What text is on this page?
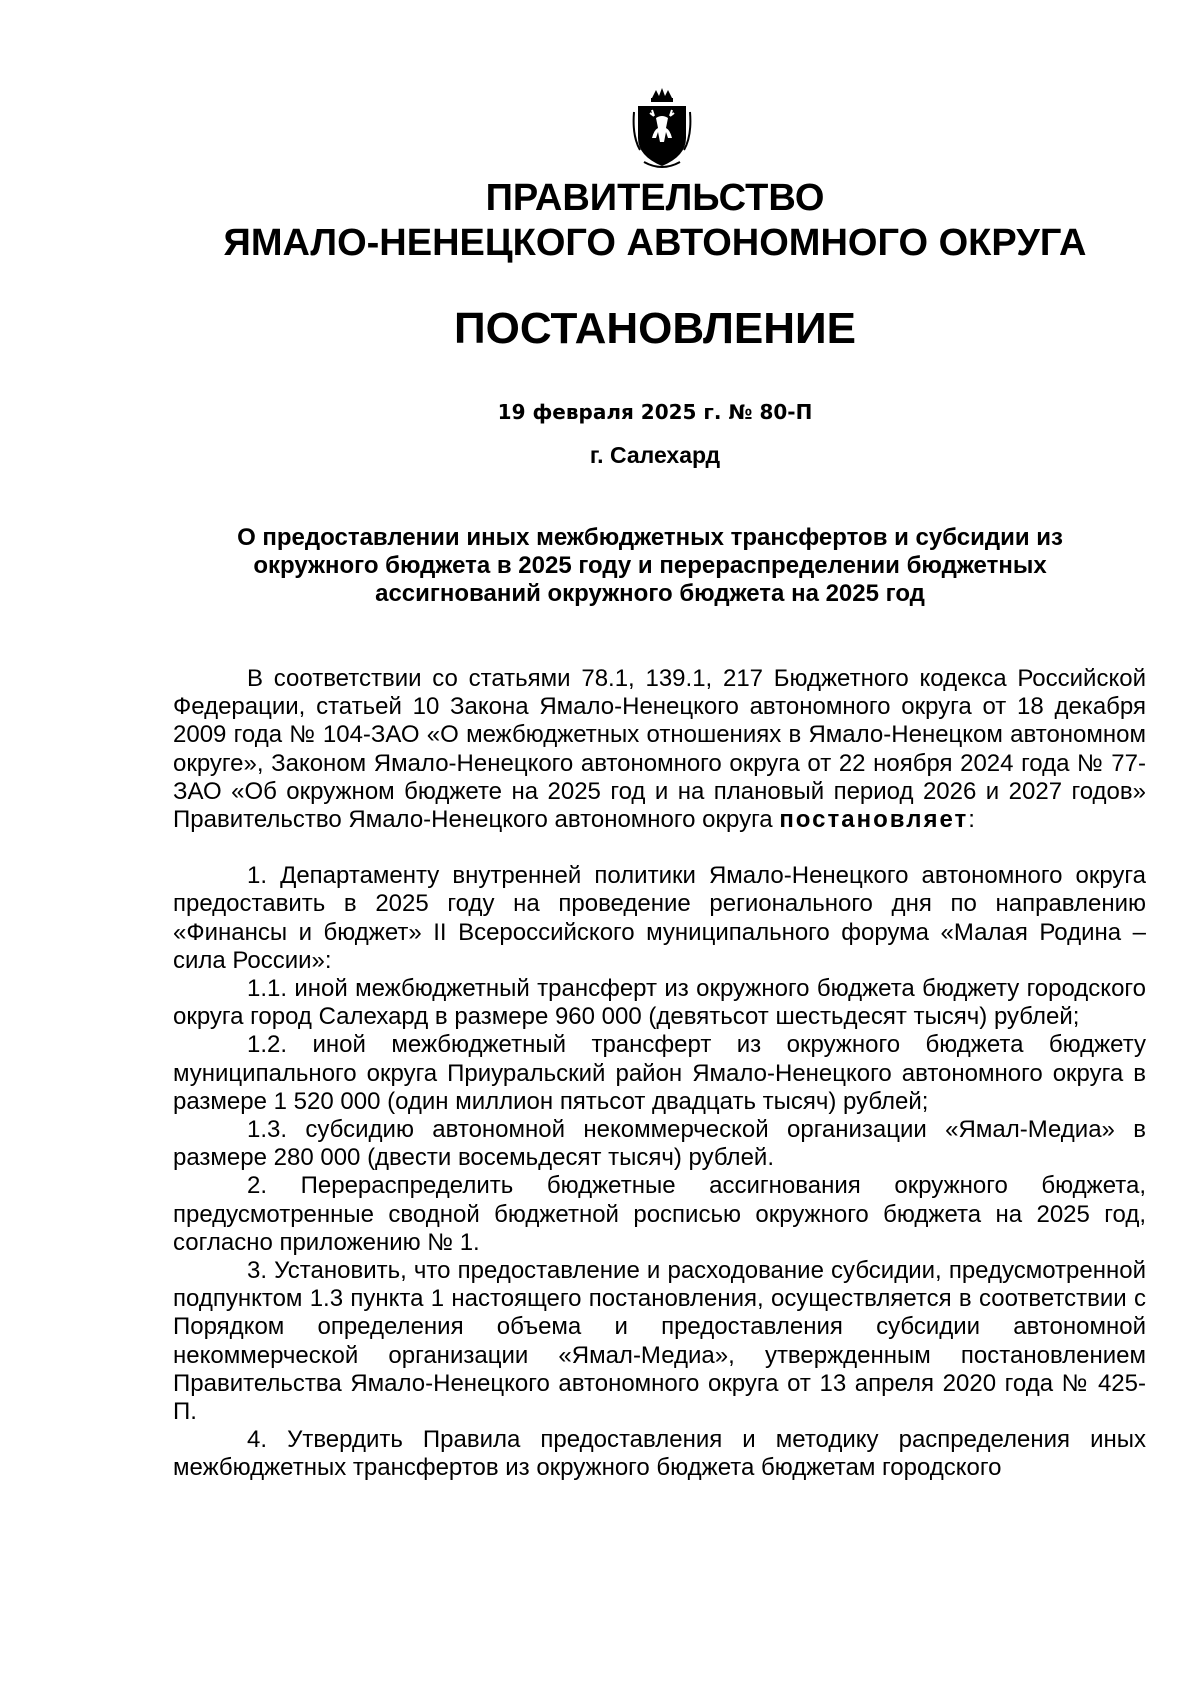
ПРАВИТЕЛЬСТВО
ЯМАЛО-НЕНЕЦКОГО АВТОНОМНОГО ОКРУГА
ПОСТАНОВЛЕНИЕ
19 февраля 2025 г. № 80-П
г. Салехард
О предоставлении иных межбюджетных трансфертов и субсидии из
окружного бюджета в 2025 году и перераспределении бюджетных
ассигнований окружного бюджета на 2025 год

В соответствии со статьями 78.1, 139.1, 217 Бюджетного кодекса Российской Федерации, статьей 10 Закона Ямало-Ненецкого автономного округа от 18 декабря 2009 года № 104-ЗАО «О межбюджетных отношениях в Ямало-Ненецком автономном округе», Законом Ямало-Ненецкого автономного округа от 22 ноября 2024 года № 77-ЗАО «Об окружном бюджете на 2025 год и на плановый период 2026 и 2027 годов» Правительство Ямало-Ненецкого автономного округа постановляет:

1. Департаменту внутренней политики Ямало-Ненецкого автономного округа предоставить в 2025 году на проведение регионального дня по направлению «Финансы и бюджет» II Всероссийского муниципального форума «Малая Родина – сила России»:

1.1. иной межбюджетный трансферт из окружного бюджета бюджету городского округа город Салехард в размере 960 000 (девятьсот шестьдесят тысяч) рублей;

1.2. иной межбюджетный трансферт из окружного бюджета бюджету муниципального округа Приуральский район Ямало-Ненецкого автономного округа в размере 1 520 000 (один миллион пятьсот двадцать тысяч) рублей;

1.3. субсидию автономной некоммерческой организации «Ямал-Медиа» в размере 280 000 (двести восемьдесят тысяч) рублей.

2. Перераспределить бюджетные ассигнования окружного бюджета, предусмотренные сводной бюджетной росписью окружного бюджета на 2025 год, согласно приложению № 1.

3. Установить, что предоставление и расходование субсидии, предусмотренной подпунктом 1.3 пункта 1 настоящего постановления, осуществляется в соответствии с Порядком определения объема и предоставления субсидии автономной некоммерческой организации «Ямал-Медиа», утвержденным постановлением Правительства Ямало-Ненецкого автономного округа от 13 апреля 2020 года № 425-П.

4. Утвердить Правила предоставления и методику распределения иных межбюджетных трансфертов из окружного бюджета бюджетам городского
